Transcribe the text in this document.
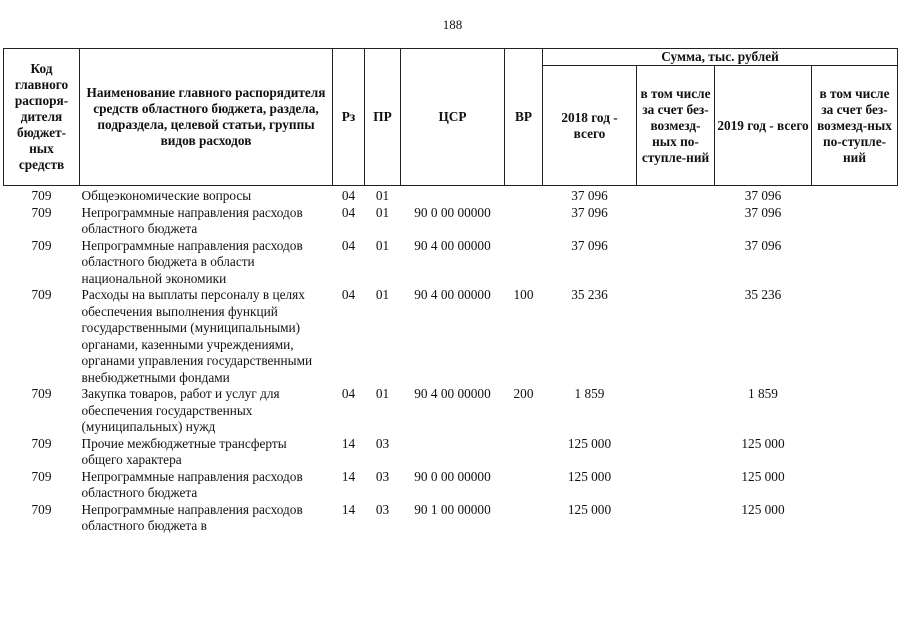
188
Код главного распоря-дителя бюджет-ных средств	Наименование главного распорядителя средств областного бюджета, раздела, подраздела, целевой статьи, группы видов расходов	Рз	ПР	ЦСР	ВР	Сумма, тыс. рублей			
						2018 год - всего	в том числе за счет без-возмезд-ных по-ступле-ний	2019 год - всего	в том числе за счет без-возмезд-ных по-ступле-ний
709	Общеэкономические вопросы	04	01			37 096		37 096	
709	Непрограммные направления расходов областного бюджета	04	01	90 0 00 00000		37 096		37 096	
709	Непрограммные направления расходов областного бюджета в области национальной экономики	04	01	90 4 00 00000		37 096		37 096	
709	Расходы на выплаты персоналу в целях обеспечения выполнения функций государственными (муниципальными) органами, казенными учреждениями, органами управления государственными внебюджетными фондами	04	01	90 4 00 00000	100	35 236		35 236	
709	Закупка товаров, работ и услуг для обеспечения государственных (муниципальных) нужд	04	01	90 4 00 00000	200	1 859		1 859	
709	Прочие межбюджетные трансферты общего характера	14	03			125 000		125 000	
709	Непрограммные направления расходов областного бюджета	14	03	90 0 00 00000		125 000		125 000	
709	Непрограммные направления расходов областного бюджета в	14	03	90 1 00 00000		125 000		125 000	
